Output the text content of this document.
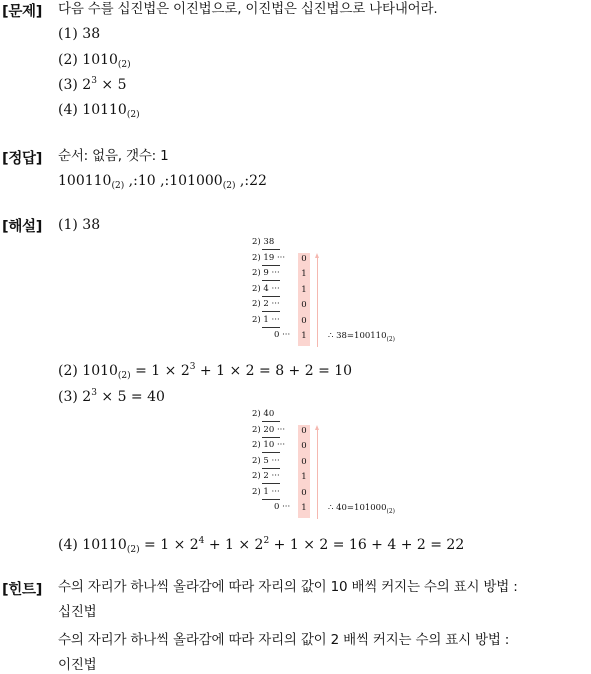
[문제] 다음 수를 십진법은 이진법으로, 이진법은 십진법으로 나타내어라.
(1) 38
(2) $1010_{(2)}$
(3) $2^3 \times 5$
(4) $10110_{(2)}$
[정답] 순서: 없음, 갯수: 1
$100110_{(2)}$ ,:10 $,:101000_{(2)}$ ,:22
[해설] (1) 38
2) 38
2) 19 ···	0
2) 9 ···	1
2) 4 ···	1
2) 2 ···	0
2) 1 ···	0
0 ···	1	∴ $38=100110_{(2)}$
(2) $1010_{(2)} = 1 \times 2^3 + 1 \times 2 = 8 + 2 = 10$
(3) $2^3 \times 5 = 40$
2) 40
2) 20 ···	0
2) 10 ···	0
2) 5 ···	0
2) 2 ···	1
2) 1 ···	0
0 ···	1	∴ $40=101000_{(2)}$
(4) $10110_{(2)} = 1 \times 2^4 + 1 \times 2^2 + 1 \times 2 = 16 + 4 + 2 = 22$
[힌트] 수의 자리가 하나씩 올라감에 따라 자리의 값이 10 배씩 커지는 수의 표시 방법 :
십진법
수의 자리가 하나씩 올라감에 따라 자리의 값이 2 배씩 커지는 수의 표시 방법 :
이진법
